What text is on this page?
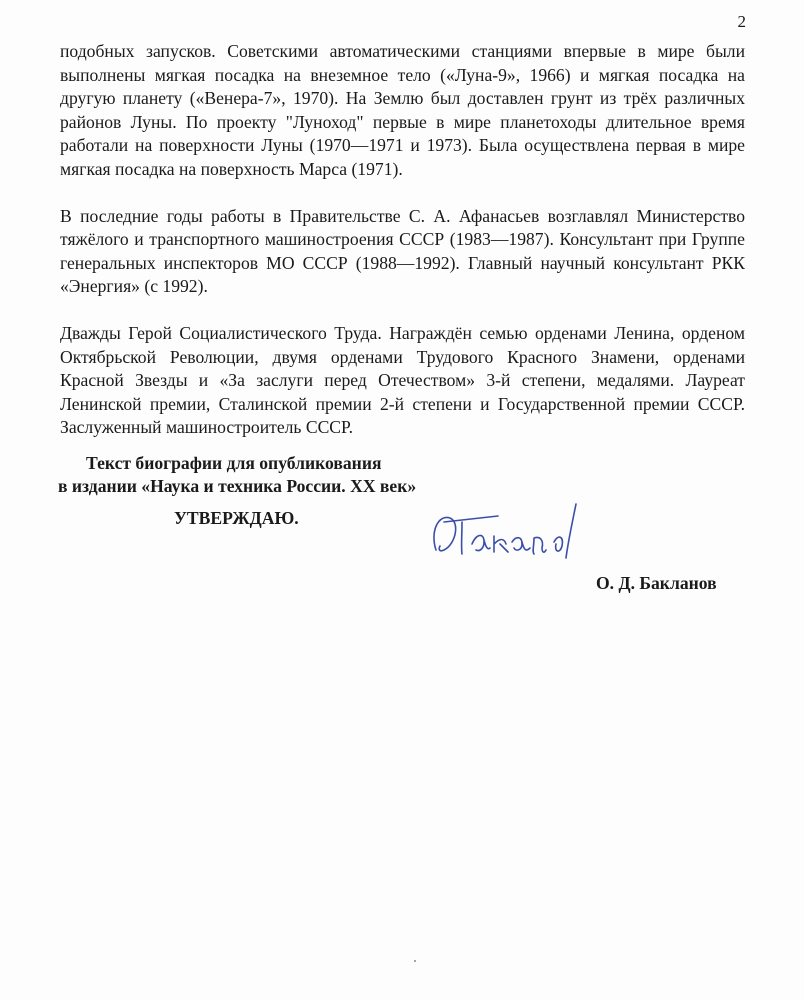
2

подобных запусков. Советскими автоматическими станциями впервые в мире были выполнены мягкая посадка на внеземное тело («Луна-9», 1966) и мягкая посадка на другую планету («Венера-7», 1970). На Землю был доставлен грунт из трёх различных районов Луны. По проекту "Луноход" первые в мире планетоходы длительное время работали на поверхности Луны (1970—1971 и 1973). Была осуществлена первая в мире мягкая посадка на поверхность Марса (1971).

В последние годы работы в Правительстве С. А. Афанасьев возглавлял Министерство тяжёлого и транспортного машиностроения СССР (1983—1987). Консультант при Группе генеральных инспекторов МО СССР (1988—1992). Главный научный консультант РКК «Энергия» (с 1992).

Дважды Герой Социалистического Труда. Награждён семью орденами Ленина, орденом Октябрьской Революции, двумя орденами Трудового Красного Знамени, орденами Красной Звезды и «За заслуги перед Отечеством» 3-й степени, медалями. Лауреат Ленинской премии, Сталинской премии 2-й степени и Государственной премии СССР. Заслуженный машиностроитель СССР.

Текст биографии для опубликования
в издании «Наука и техника России. XX век»
УТВЕРЖДАЮ.
О. Д. Бакланов
